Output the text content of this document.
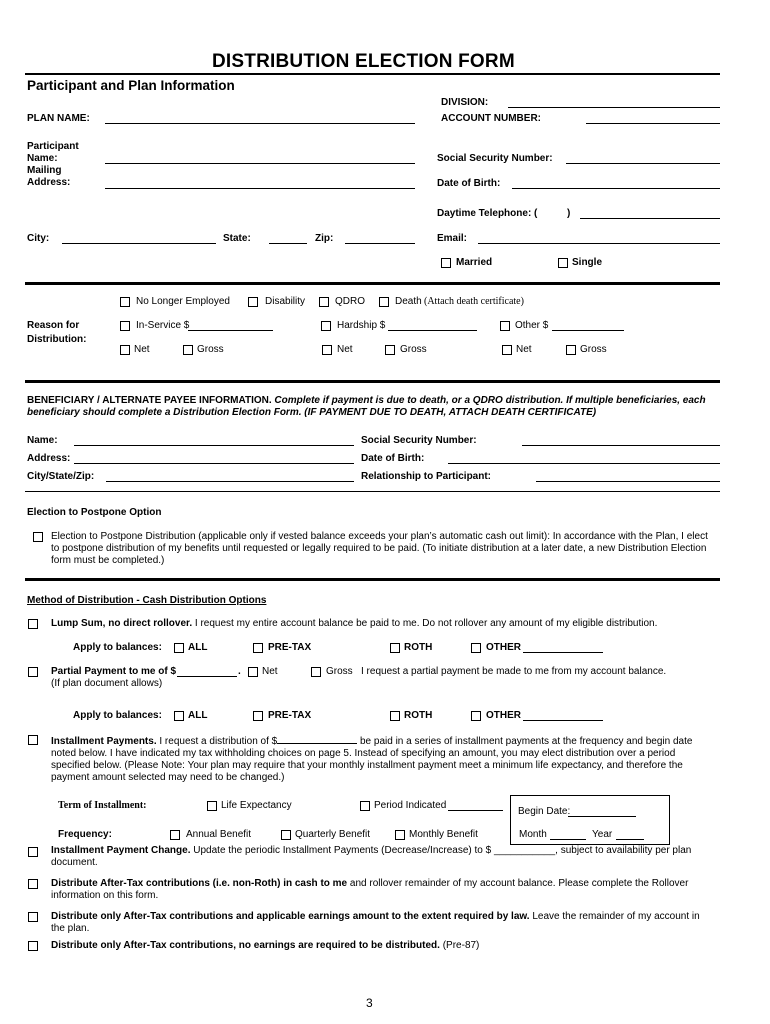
DISTRIBUTION ELECTION FORM
Participant and Plan Information
DIVISION:
PLAN NAME:	ACCOUNT NUMBER:
Participant
Name:	Social Security Number:
Mailing
Address:	Date of Birth:
Daytime Telephone: (	)
City:	State:	Zip:	Email:
Married	Single
No Longer Employed	Disability	QDRO	Death (Attach death certificate)
Reason for
Distribution:
In-Service $	Hardship $	Other $
Net	Gross	Net	Gross	Net	Gross
BENEFICIARY / ALTERNATE PAYEE INFORMATION. Complete if payment is due to death, or a QDRO distribution. If multiple beneficiaries, each beneficiary should complete a Distribution Election Form. (IF PAYMENT DUE TO DEATH, ATTACH DEATH CERTIFICATE)
Name:	Social Security Number:
Address:	Date of Birth:
City/State/Zip:	Relationship to Participant:
Election to Postpone Option
Election to Postpone Distribution (applicable only if vested balance exceeds your plan’s automatic cash out limit): In accordance with the Plan, I elect to postpone distribution of my benefits until requested or legally required to be paid. (To initiate distribution at a later date, a new Distribution Election form must be completed.)
Method of Distribution - Cash Distribution Options
Lump Sum, no direct rollover. I request my entire account balance be paid to me. Do not rollover any amount of my eligible distribution.
Apply to balances:	ALL	PRE-TAX	ROTH	OTHER
Partial Payment to me of $	. Net	Gross I request a partial payment be made to me from my account balance.
(If plan document allows)
Apply to balances:	ALL	PRE-TAX	ROTH	OTHER
Installment Payments. I request a distribution of $	be paid in a series of installment payments at the frequency and begin date noted below. I have indicated my tax withholding choices on page 5. Instead of specifying an amount, you may elect distribution over a period specified below. (Please Note: Your plan may require that your monthly installment payment meet a minimum life expectancy, and therefore the payment amount selected may need to be changed.)
Term of Installment:	Life Expectancy	Period Indicated
Begin Date:
Frequency:	Annual Benefit	Quarterly Benefit	Monthly Benefit	Month	Year
Installment Payment Change. Update the periodic Installment Payments (Decrease/Increase) to $ ___________, subject to availability per plan document.
Distribute After-Tax contributions (i.e. non-Roth) in cash to me and rollover remainder of my account balance. Please complete the Rollover information on this form.
Distribute only After-Tax contributions and applicable earnings amount to the extent required by law. Leave the remainder of my account in the plan.
Distribute only After-Tax contributions, no earnings are required to be distributed. (Pre-87)
3
